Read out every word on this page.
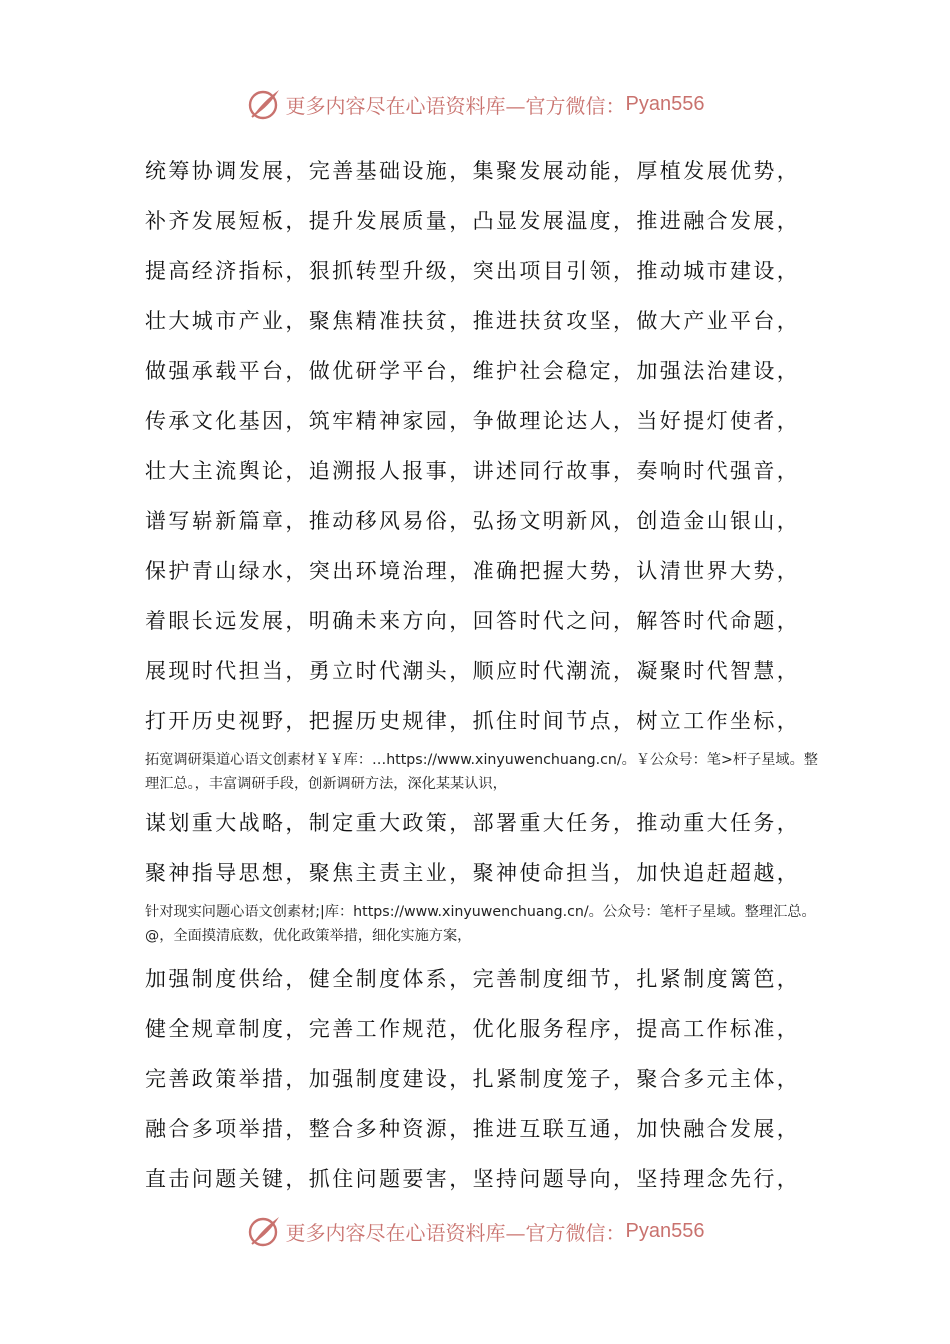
更多内容尽在心语资料库—官方微信： Pyan556
统筹协调发展，完善基础设施，集聚发展动能，厚植发展优势，
补齐发展短板，提升发展质量，凸显发展温度，推进融合发展，
提高经济指标，狠抓转型升级，突出项目引领，推动城市建设，
壮大城市产业，聚焦精准扶贫，推进扶贫攻坚，做大产业平台，
做强承载平台，做优研学平台，维护社会稳定，加强法治建设，
传承文化基因，筑牢精神家园，争做理论达人，当好提灯使者，
壮大主流舆论，追溯报人报事，讲述同行故事，奏响时代强音，
谱写崭新篇章，推动移风易俗，弘扬文明新风，创造金山银山，
保护青山绿水，突出环境治理，准确把握大势，认清世界大势，
着眼长远发展，明确未来方向，回答时代之问，解答时代命题，
展现时代担当，勇立时代潮头，顺应时代潮流，凝聚时代智慧，
打开历史视野，把握历史规律，抓住时间节点，树立工作坐标，
拓宽调研渠道心语文创素材￥￥库：…https://www.xinyuwenchuang.cn/。￥公众号：笔>杆子星域。整理汇总。，丰富调研手段，创新调研方法，深化某某认识，
谋划重大战略，制定重大政策，部署重大任务，推动重大任务，
聚神指导思想，聚焦主责主业，聚神使命担当，加快追赶超越，
针对现实问题心语文创素材;|库：https://www.xinyuwenchuang.cn/。公众号：笔杆子星域。整理汇总。@，全面摸清底数，优化政策举措，细化实施方案，
加强制度供给，健全制度体系，完善制度细节，扎紧制度篱笆，
健全规章制度，完善工作规范，优化服务程序，提高工作标准，
完善政策举措，加强制度建设，扎紧制度笼子，聚合多元主体，
融合多项举措，整合多种资源，推进互联互通，加快融合发展，
直击问题关键，抓住问题要害，坚持问题导向，坚持理念先行，
更多内容尽在心语资料库—官方微信： Pyan556
